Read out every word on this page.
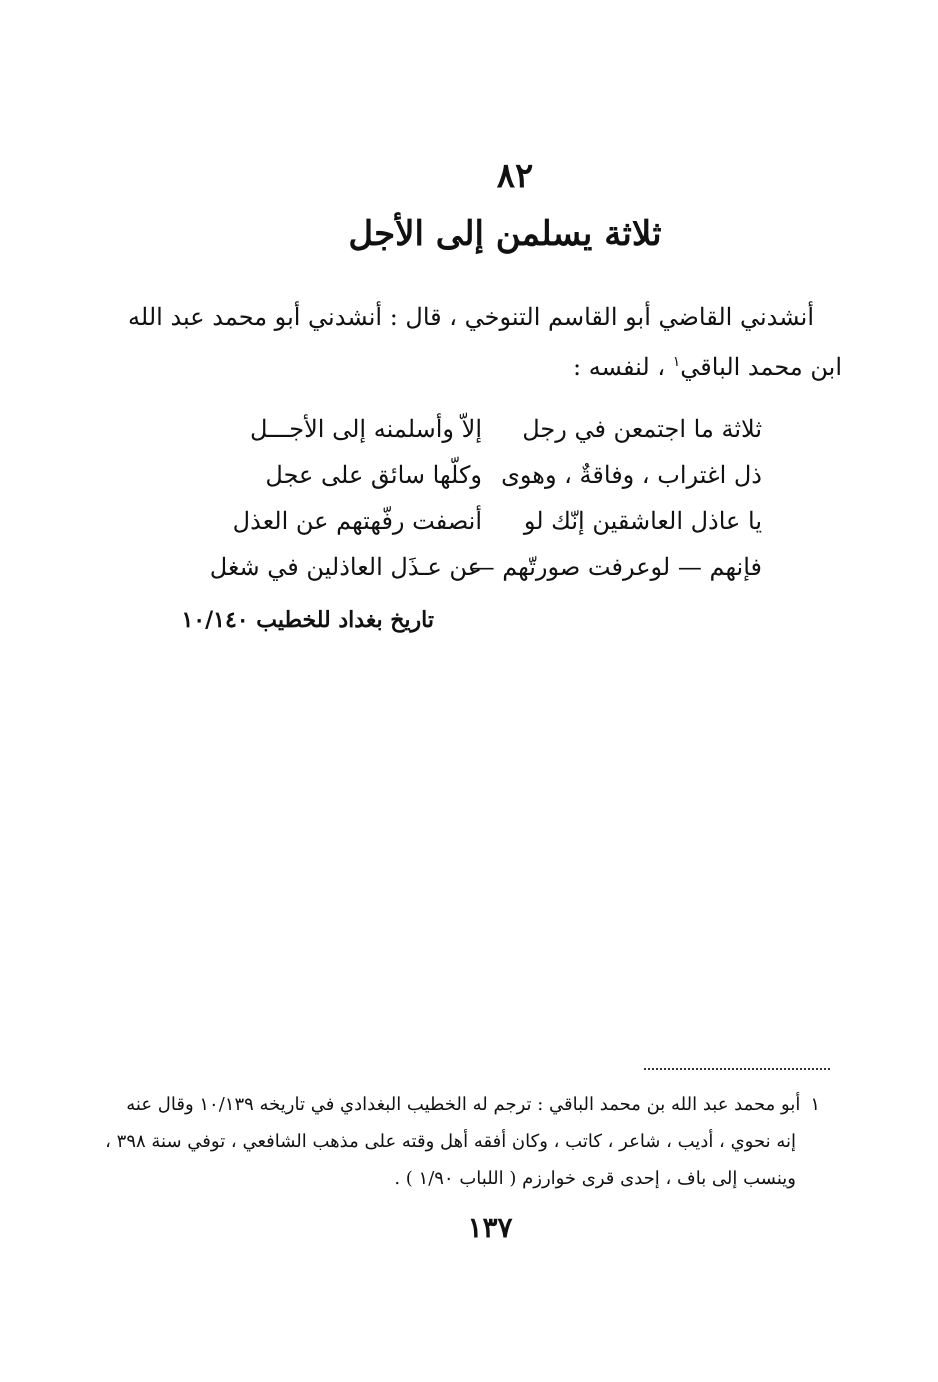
٨٢
ثلاثة يسلمن إلى الأجل
أنشدني القاضي أبو القاسم التنوخي ، قال : أنشدني أبو محمد عبد الله
ابن محمد الباقي$^١$ ، لنفسه :
ثلاثة ما اجتمعن في رجل
إلاّ وأسلمنه إلى الأجـــل
ذل اغتراب ، وفاقةٌ ، وهوى
وكلّها سائق على عجل
يا عاذل العاشقين إنّك لو
أنصفت رفّهتهم عن العذل
فإنهم — لوعرفت صورتّهم —
عن عـذَل العاذلين في شغل
تاريخ بغداد للخطيب ١٠/١٤٠
١أبو محمد عبد الله بن محمد الباقي : ترجم له الخطيب البغدادي في تاريخه ١٠/١٣٩ وقال عنه
إنه نحوي ، أديب ، شاعر ، كاتب ، وكان أفقه أهل وقته على مذهب الشافعي ، توفي سنة ٣٩٨ ،
وينسب إلى باف ، إحدى قرى خوارزم ( اللباب ١/٩٠ ) .
١٣٧
